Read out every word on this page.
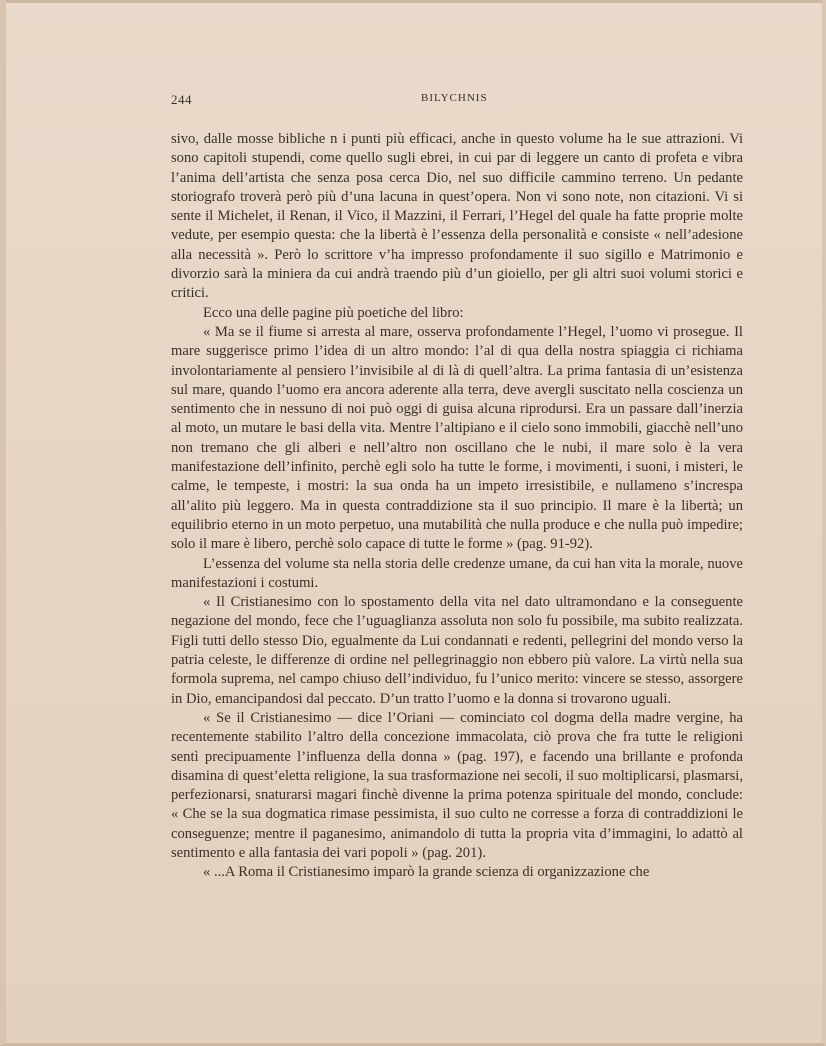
244	BILYCHNIS

sivo, dalle mosse bibliche n i punti più efficaci, anche in questo volume ha le sue attrazioni. Vi sono capitoli stupendi, come quello sugli ebrei, in cui par di leggere un canto di profeta e vibra l’anima dell’artista che senza posa cerca Dio, nel suo difficile cammino terreno. Un pedante storiografo troverà però più d’una lacuna in quest’opera. Non vi sono note, non citazioni. Vi si sente il Michelet, il Renan, il Vico, il Mazzini, il Ferrari, l’Hegel del quale ha fatte proprie molte vedute, per esempio questa: che la libertà è l’essenza della personalità e consiste « nell’adesione alla necessità ». Però lo scrittore v’ha impresso profondamente il suo sigillo e Matrimonio e divorzio sarà la miniera da cui andrà traendo più d’un gioiello, per gli altri suoi volumi storici e critici.

Ecco una delle pagine più poetiche del libro:

« Ma se il fiume si arresta al mare, osserva profondamente l’Hegel, l’uomo vi prosegue. Il mare suggerisce primo l’idea di un altro mondo: l’al di qua della nostra spiaggia ci richiama involontariamente al pensiero l’invisibile al di là di quell’altra. La prima fantasia di un’esistenza sul mare, quando l’uomo era ancora aderente alla terra, deve avergli suscitato nella coscienza un sentimento che in nessuno di noi può oggi di guisa alcuna riprodursi. Era un passare dall’inerzia al moto, un mutare le basi della vita. Mentre l’altipiano e il cielo sono immobili, giacchè nell’uno non tremano che gli alberi e nell’altro non oscillano che le nubi, il mare solo è la vera manifestazione dell’infinito, perchè egli solo ha tutte le forme, i movimenti, i suoni, i misteri, le calme, le tempeste, i mostri: la sua onda ha un impeto irresistibile, e nullameno s’increspa all’alito più leggero. Ma in questa contraddizione sta il suo principio. Il mare è la libertà; un equilibrio eterno in un moto perpetuo, una mutabilità che nulla produce e che nulla può impedire; solo il mare è libero, perchè solo capace di tutte le forme » (pag. 91-92).

L’essenza del volume sta nella storia delle credenze umane, da cui han vita la morale, nuove manifestazioni i costumi.

« Il Cristianesimo con lo spostamento della vita nel dato ultramondano e la conseguente negazione del mondo, fece che l’uguaglianza assoluta non solo fu possibile, ma subito realizzata. Figli tutti dello stesso Dio, egualmente da Lui condannati e redenti, pellegrini del mondo verso la patria celeste, le differenze di ordine nel pellegrinaggio non ebbero più valore. La virtù nella sua formola suprema, nel campo chiuso dell’individuo, fu l’unico merito: vincere se stesso, assorgere in Dio, emancipandosi dal peccato. D’un tratto l’uomo e la donna si trovarono uguali.

« Se il Cristianesimo — dice l’Oriani — cominciato col dogma della madre vergine, ha recentemente stabilito l’altro della concezione immacolata, ciò prova che fra tutte le religioni sentì precipuamente l’influenza della donna » (pag. 197), e facendo una brillante e profonda disamina di quest’eletta religione, la sua trasformazione nei secoli, il suo moltiplicarsi, plasmarsi, perfezionarsi, snaturarsi magari finchè divenne la prima potenza spirituale del mondo, conclude: « Che se la sua dogmatica rimase pessimista, il suo culto ne corresse a forza di contraddizioni le conseguenze; mentre il paganesimo, animandolo di tutta la propria vita d’immagini, lo adattò al sentimento e alla fantasia dei vari popoli » (pag. 201).

« ...A Roma il Cristianesimo imparò la grande scienza di organizzazione che
